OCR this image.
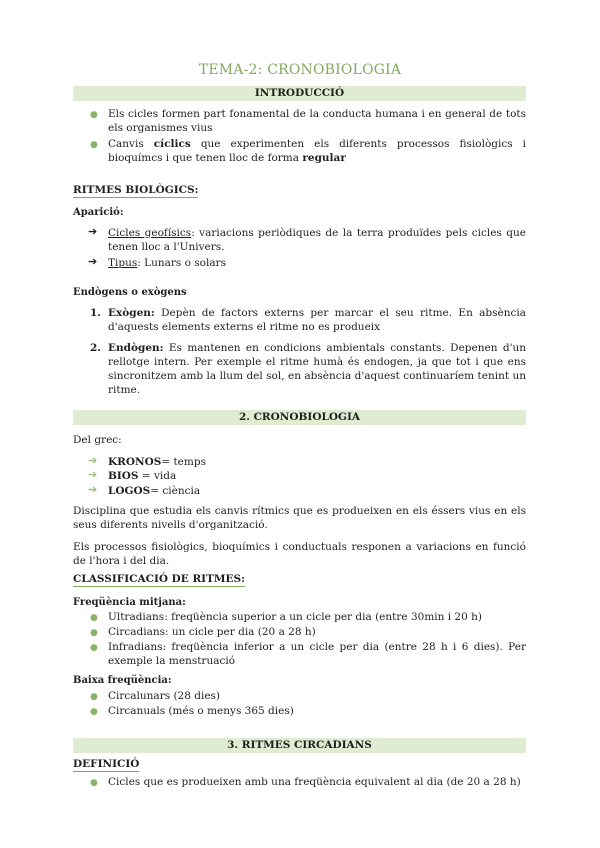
TEMA-2: CRONOBIOLOGIA
INTRODUCCIÓ
● Els cicles formen part fonamental de la conducta humana i en general de tots els organismes vius
● Canvis cíclics que experimenten els diferents processos fisiològics i bioquímcs i que tenen lloc de forma regular
RITMES BIOLÒGICS:
Aparició:
➔ Cicles geofísics: variacions periòdiques de la terra produïdes pels cicles que tenen lloc a l'Univers.
➔ Tipus: Lunars o solars
Endògens o exògens
1. Exògen: Depèn de factors externs per marcar el seu ritme. En absència d'aquests elements externs el ritme no es produeix
2. Endògen: Es mantenen en condicions ambientals constants. Depenen d'un rellotge intern. Per exemple el ritme humà és endogen, ja que tot i que ens sincronitzem amb la llum del sol, en absència d'aquest continuaríem tenint un ritme.
2. CRONOBIOLOGIA
Del grec:
➔ KRONOS= temps
➔ BIOS = vida
➔ LOGOS= ciència
Disciplina que estudia els canvis rítmics que es produeixen en els éssers vius en els seus diferents nivells d'organització.
Els processos fisiològics, bioquímics i conductuals responen a variacions en funció de l'hora i del dia.
CLASSIFICACIÓ DE RITMES:
Freqüència mitjana:
● Ultradians: freqüència superior a un cicle per dia (entre 30min i 20 h)
● Circadians: un cicle per dia (20 a 28 h)
● Infradians: freqüència inferior a un cicle per dia (entre 28 h i 6 dies). Per exemple la menstruació
Baixa freqüència:
● Circalunars (28 dies)
● Circanuals (més o menys 365 dies)
3. RITMES CIRCADIANS
DEFINICIÓ
● Cicles que es produeixen amb una freqüència equivalent al dia (de 20 a 28 h)
